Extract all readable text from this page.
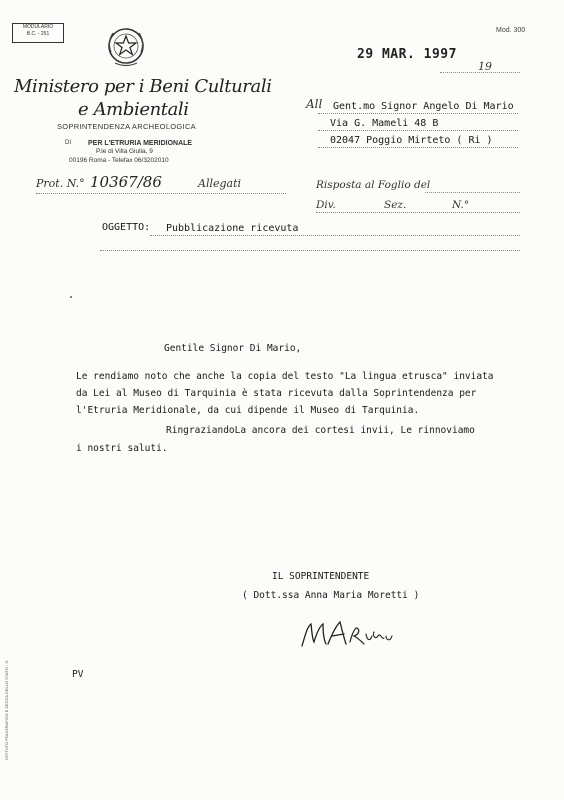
MODULARIO
B.C. - 251	Mod. 300
Ministero per i Beni Culturali
e Ambientali
SOPRINTENDENZA ARCHEOLOGICA
DI PER L'ETRURIA MERIDIONALE
P.le di Villa Giulia, 9
00196 Roma - Telefax 06/3202010
29 MAR. 1997
19
All Gent.mo Signor Angelo Di Mario
Via G. Mameli 48 B
02047 Poggio Mirteto ( Ri )
Prot. N.° 10367/86	Allegati	Risposta al Foglio del
Div.	Sez.	N.°
OGGETTO: Pubblicazione ricevuta
Gentile Signor Di Mario,
Le rendiamo noto che anche la copia del testo "La lingua etrusca" inviata
da Lei al Museo di Tarquinia è stata ricevuta dalla Soprintendenza per
l'Etruria Meridionale, da cui dipende il Museo di Tarquinia.
RingraziandoLa ancora dei cortesi invii, Le rinnoviamo
i nostri saluti.
IL SOPRINTENDENTE
( Dott.ssa Anna Maria Moretti )
PV
ISTITUTO POLIGRAFICO E ZECCA DELLO STATO - S.
